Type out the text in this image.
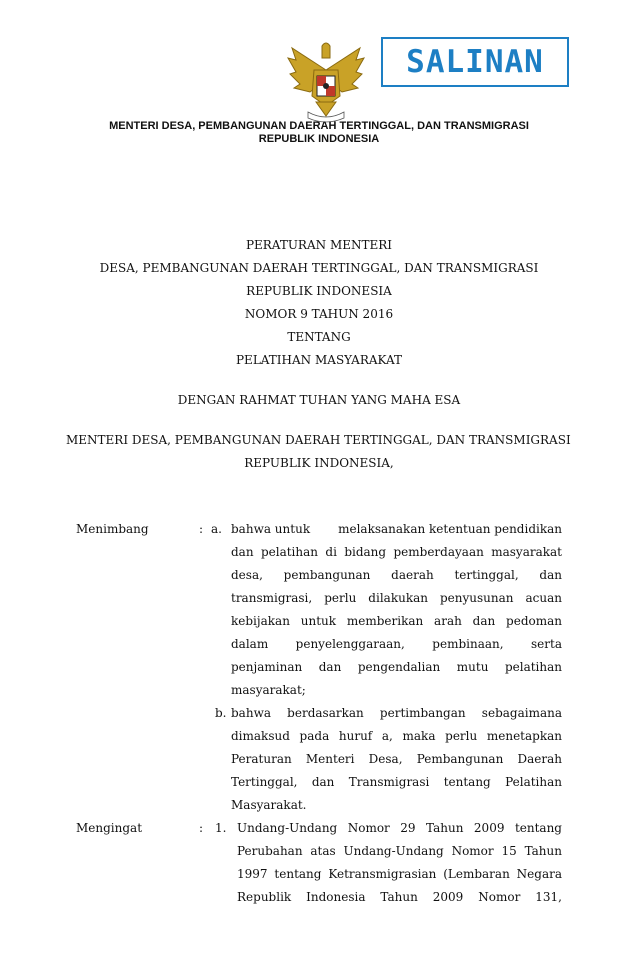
SALINAN
MENTERI DESA, PEMBANGUNAN DAERAH TERTINGGAL, DAN TRANSMIGRASI
REPUBLIK INDONESIA
PERATURAN MENTERI
DESA, PEMBANGUNAN DAERAH TERTINGGAL, DAN TRANSMIGRASI
REPUBLIK INDONESIA
NOMOR 9 TAHUN 2016
TENTANG
PELATIHAN MASYARAKAT
DENGAN RAHMAT TUHAN YANG MAHA ESA
MENTERI DESA, PEMBANGUNAN DAERAH TERTINGGAL, DAN TRANSMIGRASI
REPUBLIK INDONESIA,
Menimbang	: a. bahwa untuk melaksanakan ketentuan pendidikan
dan pelatihan di bidang pemberdayaan masyarakat
desa, pembangunan daerah tertinggal, dan
transmigrasi, perlu dilakukan penyusunan acuan
kebijakan untuk memberikan arah dan pedoman
dalam penyelenggaraan, pembinaan, serta
penjaminan dan pengendalian mutu pelatihan
masyarakat;
b. bahwa berdasarkan pertimbangan sebagaimana
dimaksud pada huruf a, maka perlu menetapkan
Peraturan Menteri Desa, Pembangunan Daerah
Tertinggal, dan Transmigrasi tentang Pelatihan
Masyarakat.
Mengingat	: 1. Undang-Undang Nomor 29 Tahun 2009 tentang
Perubahan atas Undang-Undang Nomor 15 Tahun
1997 tentang Ketransmigrasian (Lembaran Negara
Republik Indonesia Tahun 2009 Nomor 131,
